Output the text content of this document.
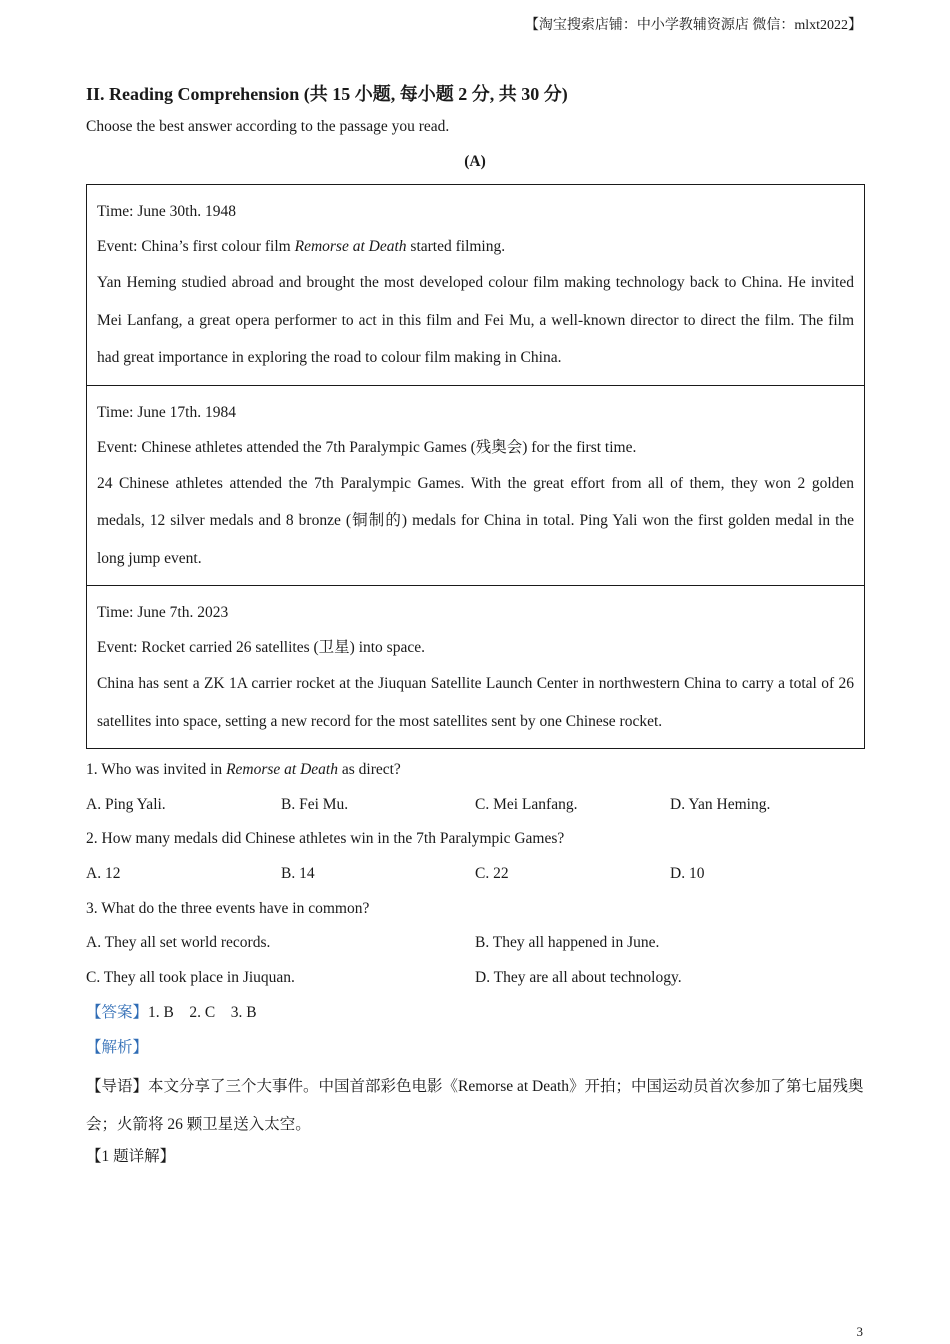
【淘宝搜索店铺：中小学教辅资源店 微信：mlxt2022】
II. Reading Comprehension (共 15 小题, 每小题 2 分, 共 30 分)
Choose the best answer according to the passage you read.
(A)
Time: June 30th. 1948
Event: China’s first colour film Remorse at Death started filming.
Yan Heming studied abroad and brought the most developed colour film making technology back to China. He invited Mei Lanfang, a great opera performer to act in this film and Fei Mu, a well-known director to direct the film. The film had great importance in exploring the road to colour film making in China.
Time: June 17th. 1984
Event: Chinese athletes attended the 7th Paralympic Games (残奥会) for the first time.
24 Chinese athletes attended the 7th Paralympic Games. With the great effort from all of them, they won 2 golden medals, 12 silver medals and 8 bronze (铜制的) medals for China in total. Ping Yali won the first golden medal in the long jump event.
Time: June 7th. 2023
Event: Rocket carried 26 satellites (卫星) into space.
China has sent a ZK 1A carrier rocket at the Jiuquan Satellite Launch Center in northwestern China to carry a total of 26 satellites into space, setting a new record for the most satellites sent by one Chinese rocket.
1. Who was invited in Remorse at Death as direct?
A. Ping Yali.	B. Fei Mu.	C. Mei Lanfang.	D. Yan Heming.
2. How many medals did Chinese athletes win in the 7th Paralympic Games?
A. 12	B. 14	C. 22	D. 10
3. What do the three events have in common?
A. They all set world records.	B. They all happened in June.
C. They all took place in Jiuquan.	D. They are all about technology.
【答案】1. B    2. C    3. B
【解析】
【导语】本文分享了三个大事件。中国首部彩色电影《Remorse at Death》开拍；中国运动员首次参加了第七届残奥会；火箭将 26 颗卫星送入太空。
【1 题详解】
3
